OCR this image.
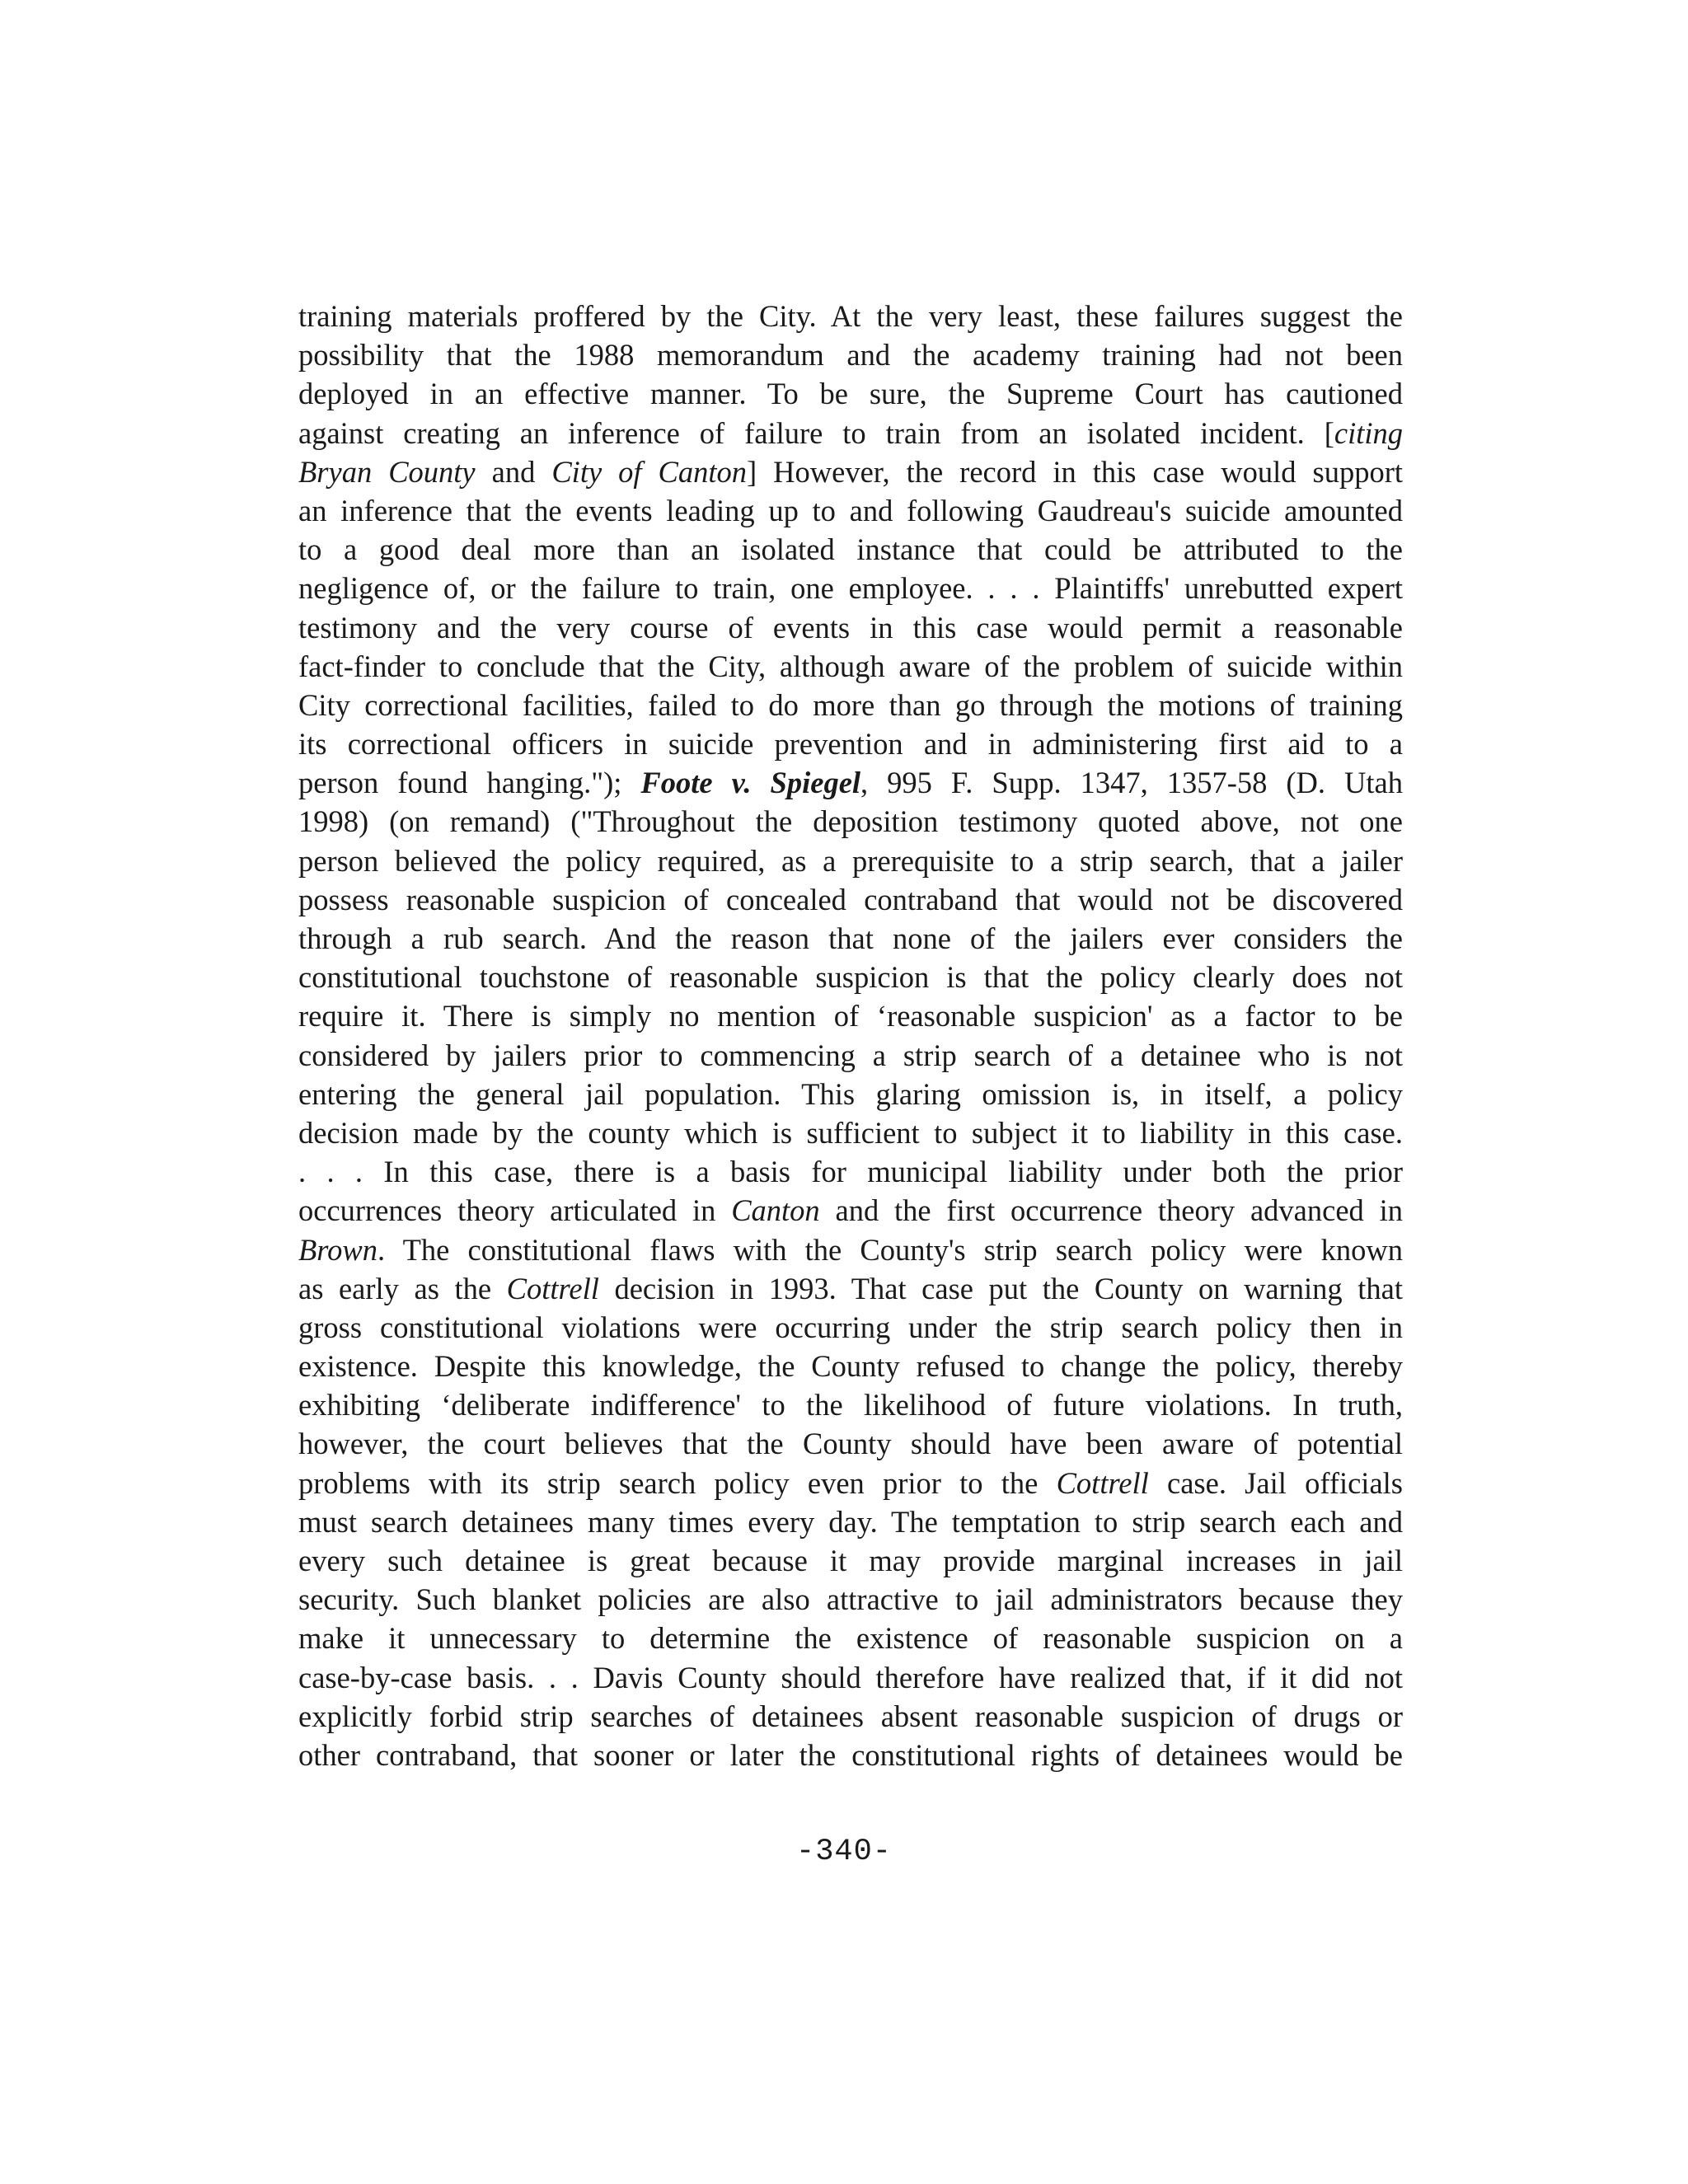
training materials proffered by the City. At the very least, these failures suggest the
possibility that the 1988 memorandum and the academy training had not been
deployed in an effective manner. To be sure, the Supreme Court has cautioned
against creating an inference of failure to train from an isolated incident. [citing
Bryan County and City of Canton] However, the record in this case would support
an inference that the events leading up to and following Gaudreau's suicide amounted
to a good deal more than an isolated instance that could be attributed to the
negligence of, or the failure to train, one employee. . . . Plaintiffs' unrebutted expert
testimony and the very course of events in this case would permit a reasonable
fact-finder to conclude that the City, although aware of the problem of suicide within
City correctional facilities, failed to do more than go through the motions of training
its correctional officers in suicide prevention and in administering first aid to a
person found hanging."); Foote v. Spiegel, 995 F. Supp. 1347, 1357-58 (D. Utah
1998) (on remand) ("Throughout the deposition testimony quoted above, not one
person believed the policy required, as a prerequisite to a strip search, that a jailer
possess reasonable suspicion of concealed contraband that would not be discovered
through a rub search. And the reason that none of the jailers ever considers the
constitutional touchstone of reasonable suspicion is that the policy clearly does not
require it. There is simply no mention of ‘reasonable suspicion' as a factor to be
considered by jailers prior to commencing a strip search of a detainee who is not
entering the general jail population. This glaring omission is, in itself, a policy
decision made by the county which is sufficient to subject it to liability in this case.
. . . In this case, there is a basis for municipal liability under both the prior
occurrences theory articulated in Canton and the first occurrence theory advanced in
Brown. The constitutional flaws with the County's strip search policy were known
as early as the Cottrell decision in 1993. That case put the County on warning that
gross constitutional violations were occurring under the strip search policy then in
existence. Despite this knowledge, the County refused to change the policy, thereby
exhibiting ‘deliberate indifference' to the likelihood of future violations. In truth,
however, the court believes that the County should have been aware of potential
problems with its strip search policy even prior to the Cottrell case. Jail officials
must search detainees many times every day. The temptation to strip search each and
every such detainee is great because it may provide marginal increases in jail
security. Such blanket policies are also attractive to jail administrators because they
make it unnecessary to determine the existence of reasonable suspicion on a
case-by-case basis. . . Davis County should therefore have realized that, if it did not
explicitly forbid strip searches of detainees absent reasonable suspicion of drugs or
other contraband, that sooner or later the constitutional rights of detainees would be
-340-
